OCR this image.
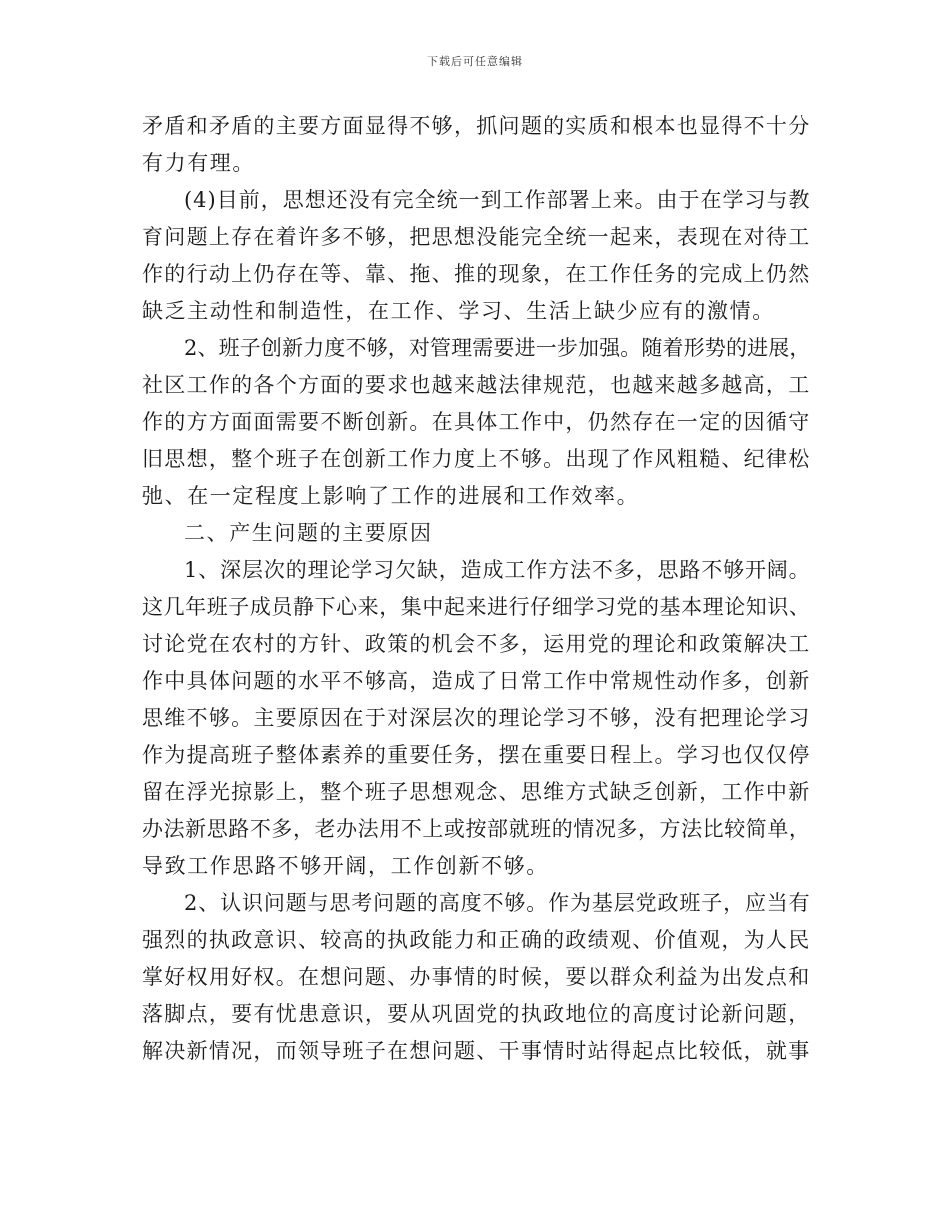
下载后可任意编辑
矛盾和矛盾的主要方面显得不够，抓问题的实质和根本也显得不十分
有力有理。
(4)目前，思想还没有完全统一到工作部署上来。由于在学习与教
育问题上存在着许多不够，把思想没能完全统一起来，表现在对待工
作的行动上仍存在等、靠、拖、推的现象，在工作任务的完成上仍然
缺乏主动性和制造性，在工作、学习、生活上缺少应有的激情。
2、班子创新力度不够，对管理需要进一步加强。随着形势的进展，
社区工作的各个方面的要求也越来越法律规范，也越来越多越高，工
作的方方面面需要不断创新。在具体工作中，仍然存在一定的因循守
旧思想，整个班子在创新工作力度上不够。出现了作风粗糙、纪律松
弛、在一定程度上影响了工作的进展和工作效率。
二、产生问题的主要原因
1、深层次的理论学习欠缺，造成工作方法不多，思路不够开阔。
这几年班子成员静下心来，集中起来进行仔细学习党的基本理论知识、
讨论党在农村的方针、政策的机会不多，运用党的理论和政策解决工
作中具体问题的水平不够高，造成了日常工作中常规性动作多，创新
思维不够。主要原因在于对深层次的理论学习不够，没有把理论学习
作为提高班子整体素养的重要任务，摆在重要日程上。学习也仅仅停
留在浮光掠影上，整个班子思想观念、思维方式缺乏创新，工作中新
办法新思路不多，老办法用不上或按部就班的情况多，方法比较简单，
导致工作思路不够开阔，工作创新不够。
2、认识问题与思考问题的高度不够。作为基层党政班子，应当有
强烈的执政意识、较高的执政能力和正确的政绩观、价值观，为人民
掌好权用好权。在想问题、办事情的时候，要以群众利益为出发点和
落脚点，要有忧患意识，要从巩固党的执政地位的高度讨论新问题，
解决新情况，而领导班子在想问题、干事情时站得起点比较低，就事
